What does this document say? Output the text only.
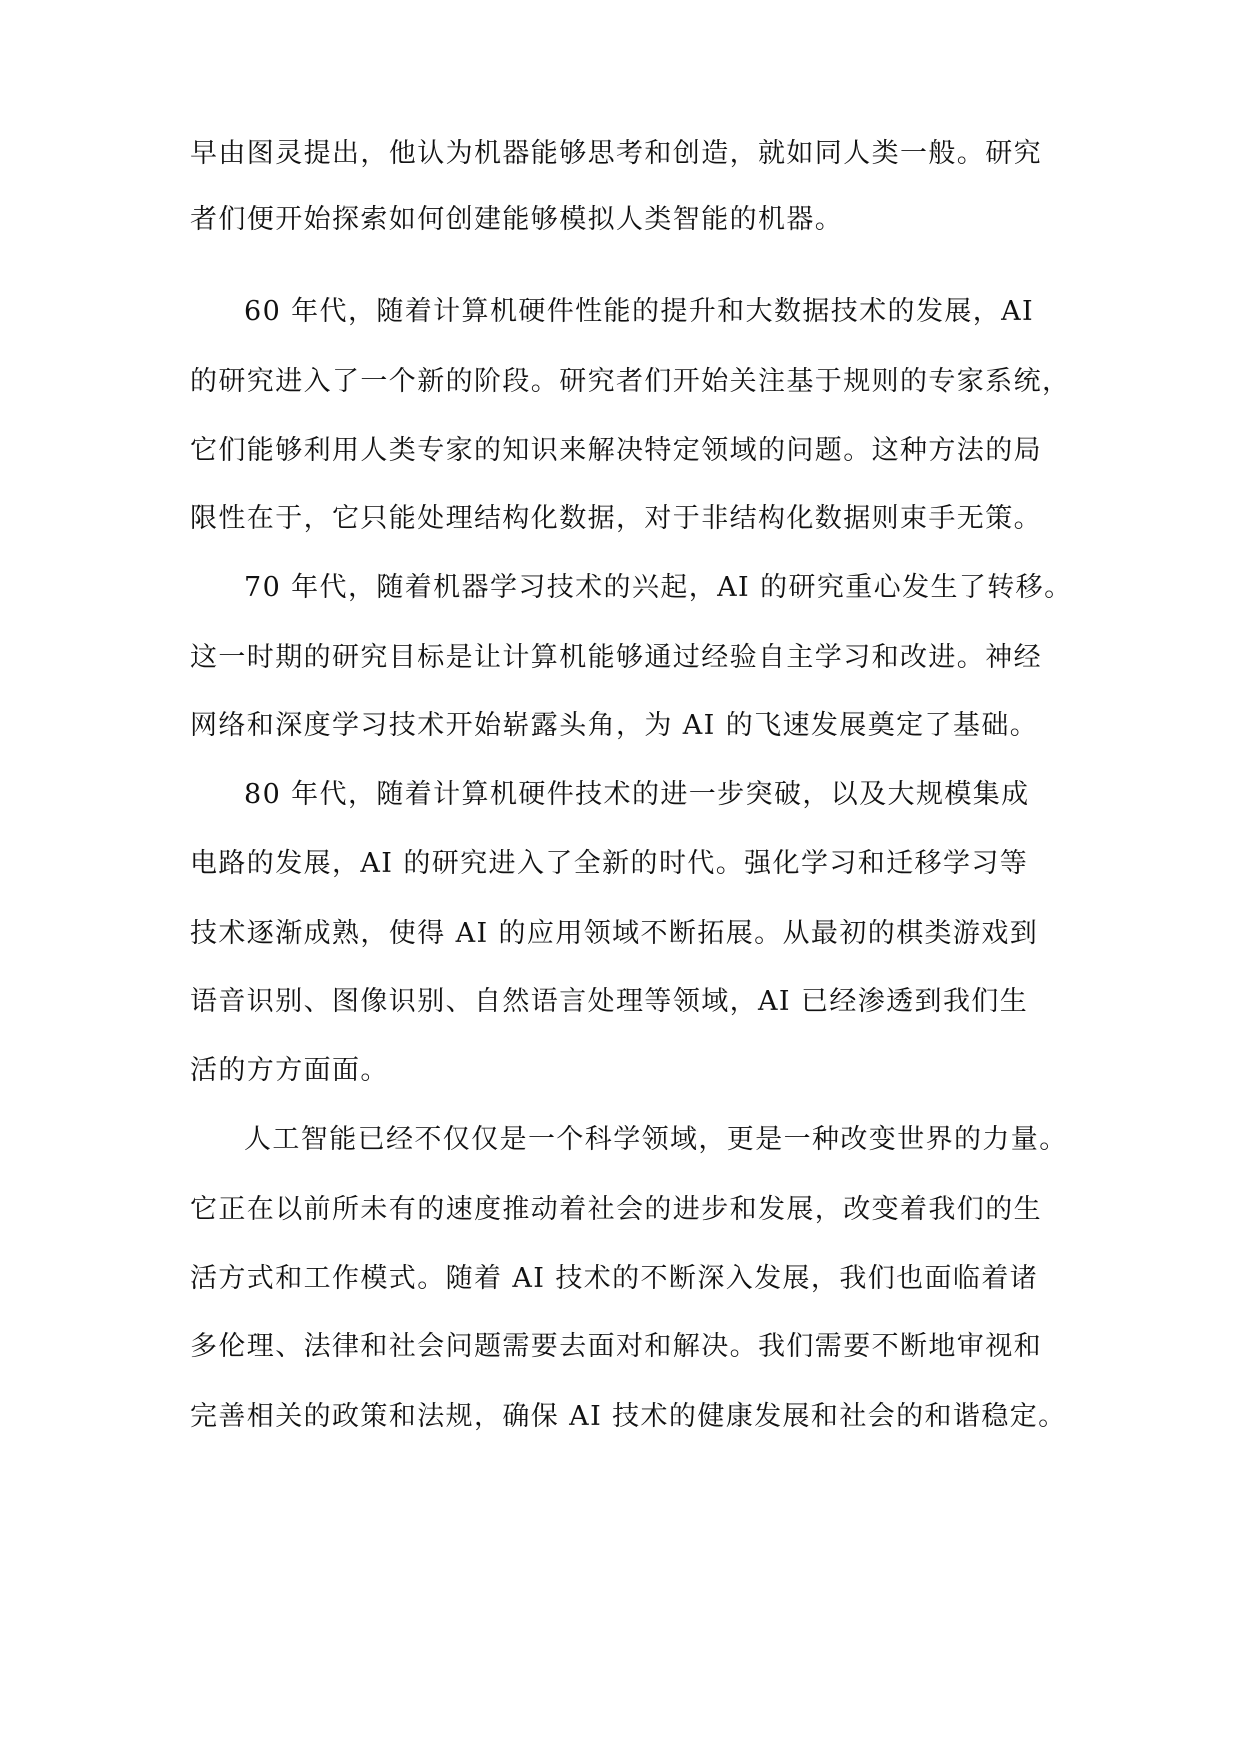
早由图灵提出，他认为机器能够思考和创造，就如同人类一般。研究

者们便开始探索如何创建能够模拟人类智能的机器。

60 年代，随着计算机硬件性能的提升和大数据技术的发展，AI

的研究进入了一个新的阶段。研究者们开始关注基于规则的专家系统，

它们能够利用人类专家的知识来解决特定领域的问题。这种方法的局

限性在于，它只能处理结构化数据，对于非结构化数据则束手无策。

70 年代，随着机器学习技术的兴起，AI 的研究重心发生了转移。

这一时期的研究目标是让计算机能够通过经验自主学习和改进。神经

网络和深度学习技术开始崭露头角，为 AI 的飞速发展奠定了基础。

80 年代，随着计算机硬件技术的进一步突破，以及大规模集成

电路的发展，AI 的研究进入了全新的时代。强化学习和迁移学习等

技术逐渐成熟，使得 AI 的应用领域不断拓展。从最初的棋类游戏到

语音识别、图像识别、自然语言处理等领域，AI 已经渗透到我们生

活的方方面面。

人工智能已经不仅仅是一个科学领域，更是一种改变世界的力量。

它正在以前所未有的速度推动着社会的进步和发展，改变着我们的生

活方式和工作模式。随着 AI 技术的不断深入发展，我们也面临着诸

多伦理、法律和社会问题需要去面对和解决。我们需要不断地审视和

完善相关的政策和法规，确保 AI 技术的健康发展和社会的和谐稳定。
